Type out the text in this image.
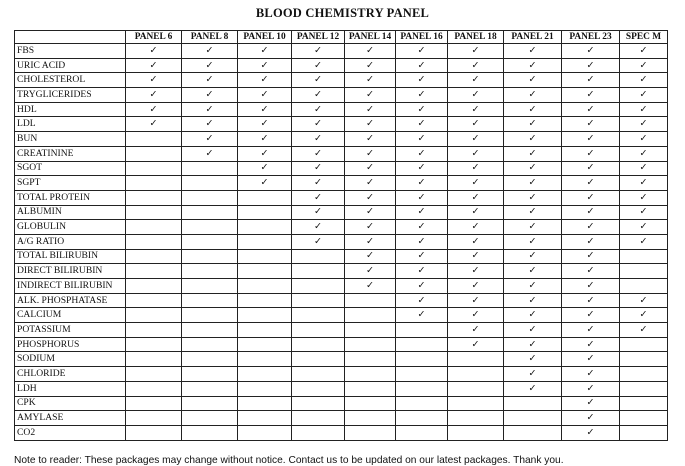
BLOOD CHEMISTRY PANEL
	PANEL 6	PANEL 8	PANEL 10	PANEL 12	PANEL 14	PANEL 16	PANEL 18	PANEL 21	PANEL 23	SPEC M
FBS	✓	✓	✓	✓	✓	✓	✓	✓	✓	✓
URIC ACID	✓	✓	✓	✓	✓	✓	✓	✓	✓	✓
CHOLESTEROL	✓	✓	✓	✓	✓	✓	✓	✓	✓	✓
TRYGLICERIDES	✓	✓	✓	✓	✓	✓	✓	✓	✓	✓
HDL	✓	✓	✓	✓	✓	✓	✓	✓	✓	✓
LDL	✓	✓	✓	✓	✓	✓	✓	✓	✓	✓
BUN		✓	✓	✓	✓	✓	✓	✓	✓	✓
CREATININE		✓	✓	✓	✓	✓	✓	✓	✓	✓
SGOT			✓	✓	✓	✓	✓	✓	✓	✓
SGPT			✓	✓	✓	✓	✓	✓	✓	✓
TOTAL PROTEIN				✓	✓	✓	✓	✓	✓	✓
ALBUMIN				✓	✓	✓	✓	✓	✓	✓
GLOBULIN				✓	✓	✓	✓	✓	✓	✓
A/G RATIO				✓	✓	✓	✓	✓	✓	✓
TOTAL BILIRUBIN					✓	✓	✓	✓	✓	
DIRECT BILIRUBIN					✓	✓	✓	✓	✓	
INDIRECT BILIRUBIN					✓	✓	✓	✓	✓	
ALK. PHOSPHATASE						✓	✓	✓	✓	✓
CALCIUM						✓	✓	✓	✓	✓
POTASSIUM							✓	✓	✓	✓
PHOSPHORUS							✓	✓	✓	
SODIUM								✓	✓	
CHLORIDE								✓	✓	
LDH								✓	✓	
CPK									✓	
AMYLASE									✓	
CO2									✓	
Note to reader: These packages may change without notice. Contact us to be updated on our latest packages. Thank you.
